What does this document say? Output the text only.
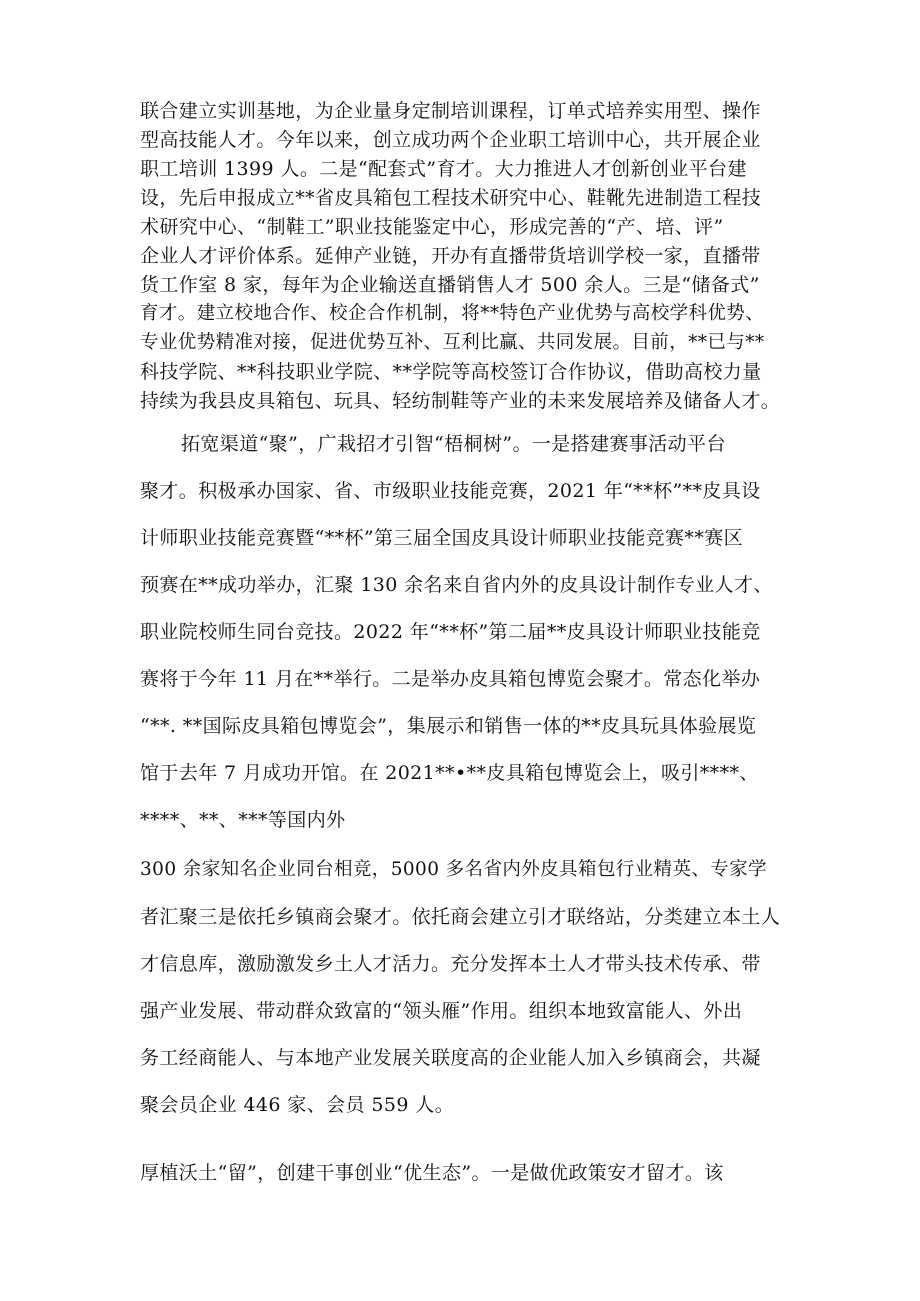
联合建立实训基地，为企业量身定制培训课程，订单式培养实用型、操作
型高技能人才。今年以来，创立成功两个企业职工培训中心，共开展企业
职工培训 1399 人。二是“配套式”育才。大力推进人才创新创业平台建
设，先后申报成立**省皮具箱包工程技术研究中心、鞋靴先进制造工程技
术研究中心、“制鞋工”职业技能鉴定中心，形成完善的“产、培、评”
企业人才评价体系。延伸产业链，开办有直播带货培训学校一家，直播带
货工作室 8 家，每年为企业输送直播销售人才 500 余人。三是“储备式”
育才。建立校地合作、校企合作机制，将**特色产业优势与高校学科优势、
专业优势精准对接，促进优势互补、互利比赢、共同发展。目前，**已与**
科技学院、**科技职业学院、**学院等高校签订合作协议，借助高校力量
持续为我县皮具箱包、玩具、轻纺制鞋等产业的未来发展培养及储备人才。
拓宽渠道“聚”，广栽招才引智“梧桐树”。一是搭建赛事活动平台
聚才。积极承办国家、省、市级职业技能竞赛，2021 年“**杯”**皮具设
计师职业技能竞赛暨“**杯”第三届全国皮具设计师职业技能竞赛**赛区
预赛在**成功举办，汇聚 130 余名来自省内外的皮具设计制作专业人才、
职业院校师生同台竞技。2022 年“**杯”第二届**皮具设计师职业技能竞
赛将于今年 11 月在**举行。二是举办皮具箱包博览会聚才。常态化举办
“**. **国际皮具箱包博览会”，集展示和销售一体的**皮具玩具体验展览
馆于去年 7 月成功开馆。在 2021**•**皮具箱包博览会上，吸引****、
****、**、***等国内外
300 余家知名企业同台相竞，5000 多名省内外皮具箱包行业精英、专家学
者汇聚三是依托乡镇商会聚才。依托商会建立引才联络站，分类建立本土人
才信息库，激励激发乡土人才活力。充分发挥本土人才带头技术传承、带
强产业发展、带动群众致富的“领头雁”作用。组织本地致富能人、外出
务工经商能人、与本地产业发展关联度高的企业能人加入乡镇商会，共凝
聚会员企业 446 家、会员 559 人。
厚植沃土“留”，创建干事创业“优生态”。一是做优政策安才留才。该
